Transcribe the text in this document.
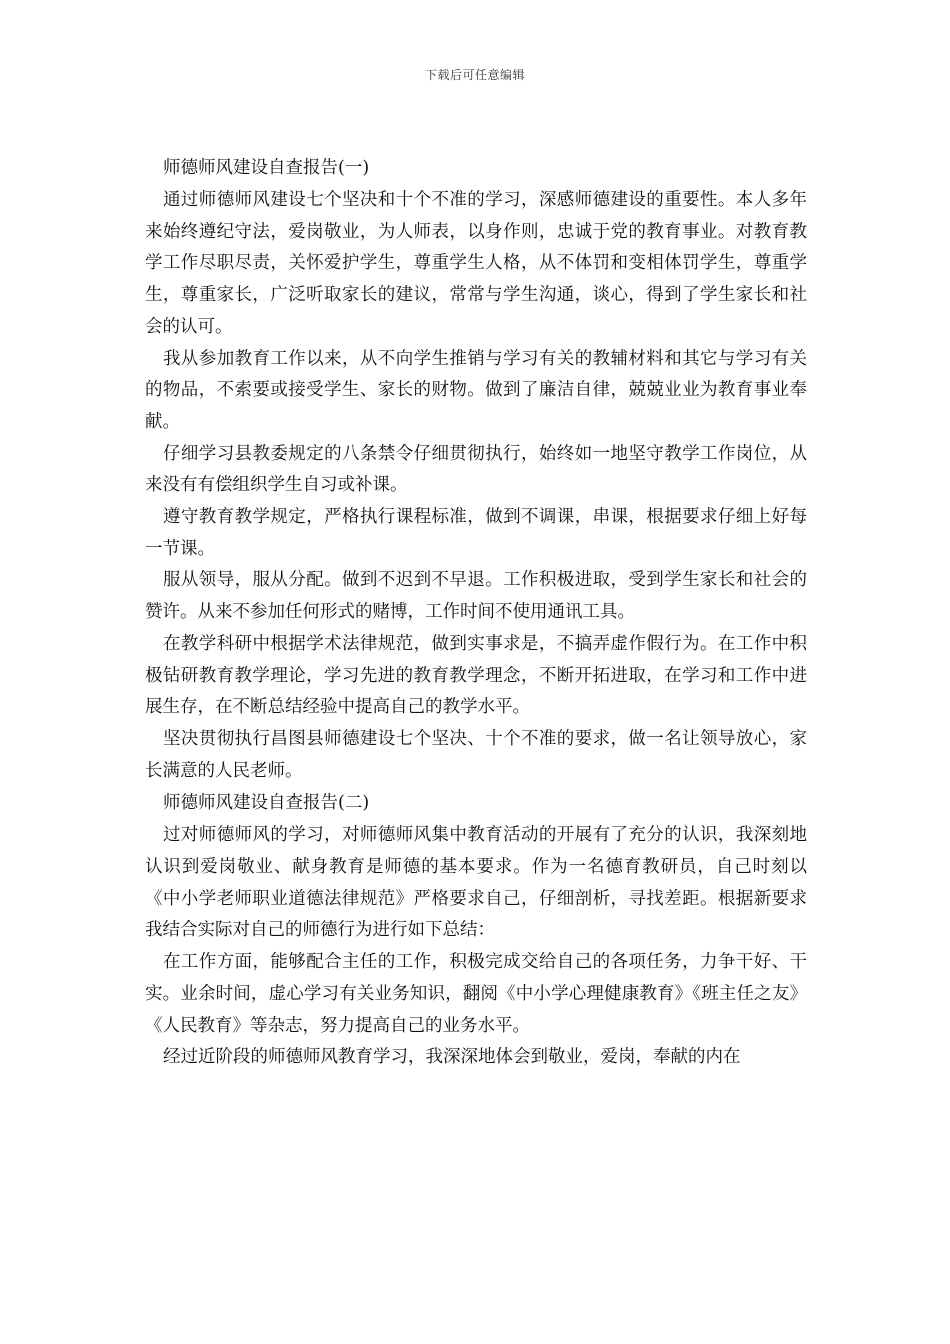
下载后可任意编辑

师德师风建设自查报告(一)

通过师德师风建设七个坚决和十个不准的学习，深感师德建设的重要性。本人多年来始终遵纪守法，爱岗敬业，为人师表，以身作则，忠诚于党的教育事业。对教育教学工作尽职尽责，关怀爱护学生，尊重学生人格，从不体罚和变相体罚学生，尊重学生，尊重家长，广泛听取家长的建议，常常与学生沟通，谈心，得到了学生家长和社会的认可。

我从参加教育工作以来，从不向学生推销与学习有关的教辅材料和其它与学习有关的物品，不索要或接受学生、家长的财物。做到了廉洁自律，兢兢业业为教育事业奉献。

仔细学习县教委规定的八条禁令仔细贯彻执行，始终如一地坚守教学工作岗位，从来没有有偿组织学生自习或补课。

遵守教育教学规定，严格执行课程标准，做到不调课，串课，根据要求仔细上好每一节课。

服从领导，服从分配。做到不迟到不早退。工作积极进取，受到学生家长和社会的赞许。从来不参加任何形式的赌博，工作时间不使用通讯工具。

在教学科研中根据学术法律规范，做到实事求是，不搞弄虚作假行为。在工作中积极钻研教育教学理论，学习先进的教育教学理念，不断开拓进取，在学习和工作中进展生存，在不断总结经验中提高自己的教学水平。

坚决贯彻执行昌图县师德建设七个坚决、十个不准的要求，做一名让领导放心，家长满意的人民老师。

师德师风建设自查报告(二)

过对师德师风的学习，对师德师风集中教育活动的开展有了充分的认识，我深刻地认识到爱岗敬业、献身教育是师德的基本要求。作为一名德育教研员，自己时刻以《中小学老师职业道德法律规范》严格要求自己，仔细剖析，寻找差距。根据新要求我结合实际对自己的师德行为进行如下总结：

在工作方面，能够配合主任的工作，积极完成交给自己的各项任务，力争干好、干实。业余时间，虚心学习有关业务知识，翻阅《中小学心理健康教育》《班主任之友》《人民教育》等杂志，努力提高自己的业务水平。

经过近阶段的师德师风教育学习，我深深地体会到敬业，爱岗，奉献的内在
